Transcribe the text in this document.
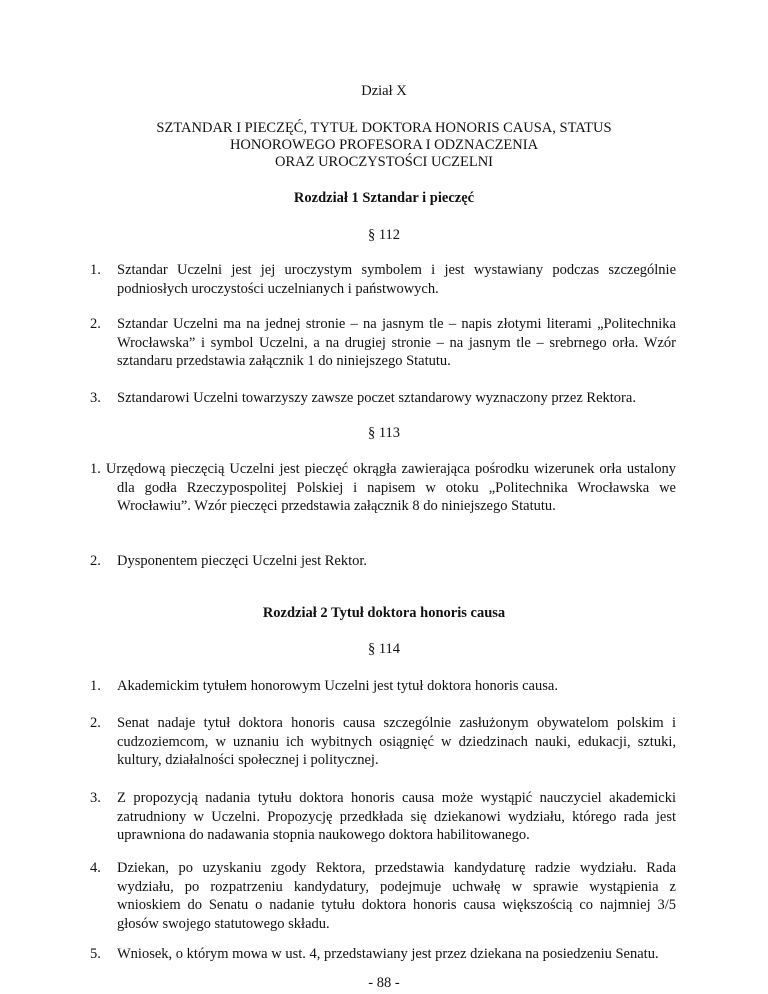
Dział X
SZTANDAR I PIECZĘĆ, TYTUŁ DOKTORA HONORIS CAUSA, STATUS
HONOROWEGO PROFESORA I ODZNACZENIA
ORAZ UROCZYSTOŚCI UCZELNI
Rozdział 1 Sztandar i pieczęć
§ 112
1.	Sztandar Uczelni jest jej uroczystym symbolem i jest wystawiany podczas szczególnie podniosłych uroczystości uczelnianych i państwowych.
2.	Sztandar Uczelni ma na jednej stronie – na jasnym tle – napis złotymi literami „Politechnika Wrocławska” i symbol Uczelni, a na drugiej stronie – na jasnym tle – srebrnego orła. Wzór sztandaru przedstawia załącznik 1 do niniejszego Statutu.
3.	Sztandarowi Uczelni towarzyszy zawsze poczet sztandarowy wyznaczony przez Rektora.
§ 113
1. Urzędową pieczęcią Uczelni jest pieczęć okrągła zawierająca pośrodku wizerunek orła ustalony dla godła Rzeczypospolitej Polskiej i napisem w otoku „Politechnika Wrocławska we Wrocławiu”. Wzór pieczęci przedstawia załącznik 8 do niniejszego Statutu.
2.	Dysponentem pieczęci Uczelni jest Rektor.
Rozdział 2 Tytuł doktora honoris causa
§ 114
1.	Akademickim tytułem honorowym Uczelni jest tytuł doktora honoris causa.
2.	Senat nadaje tytuł doktora honoris causa szczególnie zasłużonym obywatelom polskim i cudzoziemcom, w uznaniu ich wybitnych osiągnięć w dziedzinach nauki, edukacji, sztuki, kultury, działalności społecznej i politycznej.
3.	Z propozycją nadania tytułu doktora honoris causa może wystąpić nauczyciel akademicki zatrudniony w Uczelni. Propozycję przedkłada się dziekanowi wydziału, którego rada jest uprawniona do nadawania stopnia naukowego doktora habilitowanego.
4.	Dziekan, po uzyskaniu zgody Rektora, przedstawia kandydaturę radzie wydziału. Rada wydziału, po rozpatrzeniu kandydatury, podejmuje uchwałę w sprawie wystąpienia z wnioskiem do Senatu o nadanie tytułu doktora honoris causa większością co najmniej 3/5 głosów swojego statutowego składu.
5.	Wniosek, o którym mowa w ust. 4, przedstawiany jest przez dziekana na posiedzeniu Senatu.
- 88 -
